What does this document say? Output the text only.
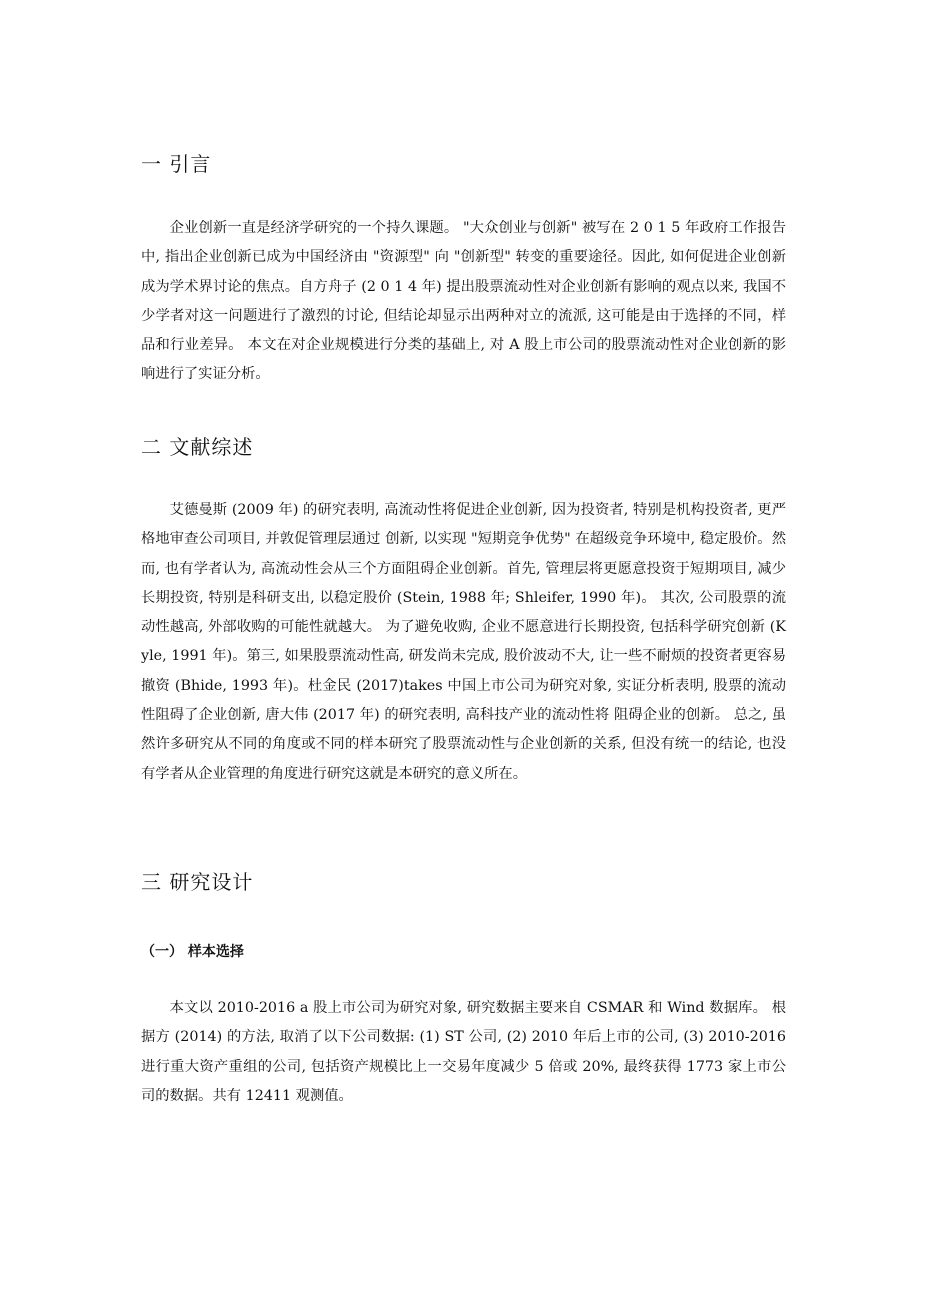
一 引言

企业创新一直是经济学研究的一个持久课题。 "大众创业与创新" 被写在 2 0 1 5 年政府工作报告中, 指出企业创新已成为中国经济由 "资源型" 向 "创新型" 转变的重要途径。因此, 如何促进企业创新成为学术界讨论的焦点。自方舟子 (2 0 1 4 年) 提出股票流动性对企业创新有影响的观点以来, 我国不少学者对这一问题进行了激烈的讨论, 但结论却显示出两种对立的流派, 这可能是由于选择的不同，样品和行业差异。 本文在对企业规模进行分类的基础上, 对 A 股上市公司的股票流动性对企业创新的影响进行了实证分析。

二 文献综述

艾德曼斯 (2009 年) 的研究表明, 高流动性将促进企业创新, 因为投资者, 特别是机构投资者, 更严格地审查公司项目, 并敦促管理层通过 创新, 以实现 "短期竞争优势" 在超级竞争环境中, 稳定股价。然而, 也有学者认为, 高流动性会从三个方面阻碍企业创新。首先, 管理层将更愿意投资于短期项目, 减少长期投资, 特别是科研支出, 以稳定股价 (Stein, 1988 年; Shleifer, 1990 年)。 其次, 公司股票的流动性越高, 外部收购的可能性就越大。 为了避免收购, 企业不愿意进行长期投资, 包括科学研究创新 (Kyle, 1991 年)。第三, 如果股票流动性高, 研发尚未完成, 股价波动不大, 让一些不耐烦的投资者更容易撤资 (Bhide, 1993 年)。杜金民 (2017)takes 中国上市公司为研究对象, 实证分析表明, 股票的流动性阻碍了企业创新, 唐大伟 (2017 年) 的研究表明, 高科技产业的流动性将 阻碍企业的创新。 总之, 虽然许多研究从不同的角度或不同的样本研究了股票流动性与企业创新的关系, 但没有统一的结论, 也没有学者从企业管理的角度进行研究这就是本研究的意义所在。

三 研究设计
（一） 样本选择

本文以 2010-2016 a 股上市公司为研究对象, 研究数据主要来自 CSMAR 和 Wind 数据库。 根据方 (2014) 的方法, 取消了以下公司数据: (1) ST 公司, (2) 2010 年后上市的公司, (3) 2010-2016 进行重大资产重组的公司, 包括资产规模比上一交易年度减少 5 倍或 20%, 最终获得 1773 家上市公司的数据。共有 12411 观测值。
